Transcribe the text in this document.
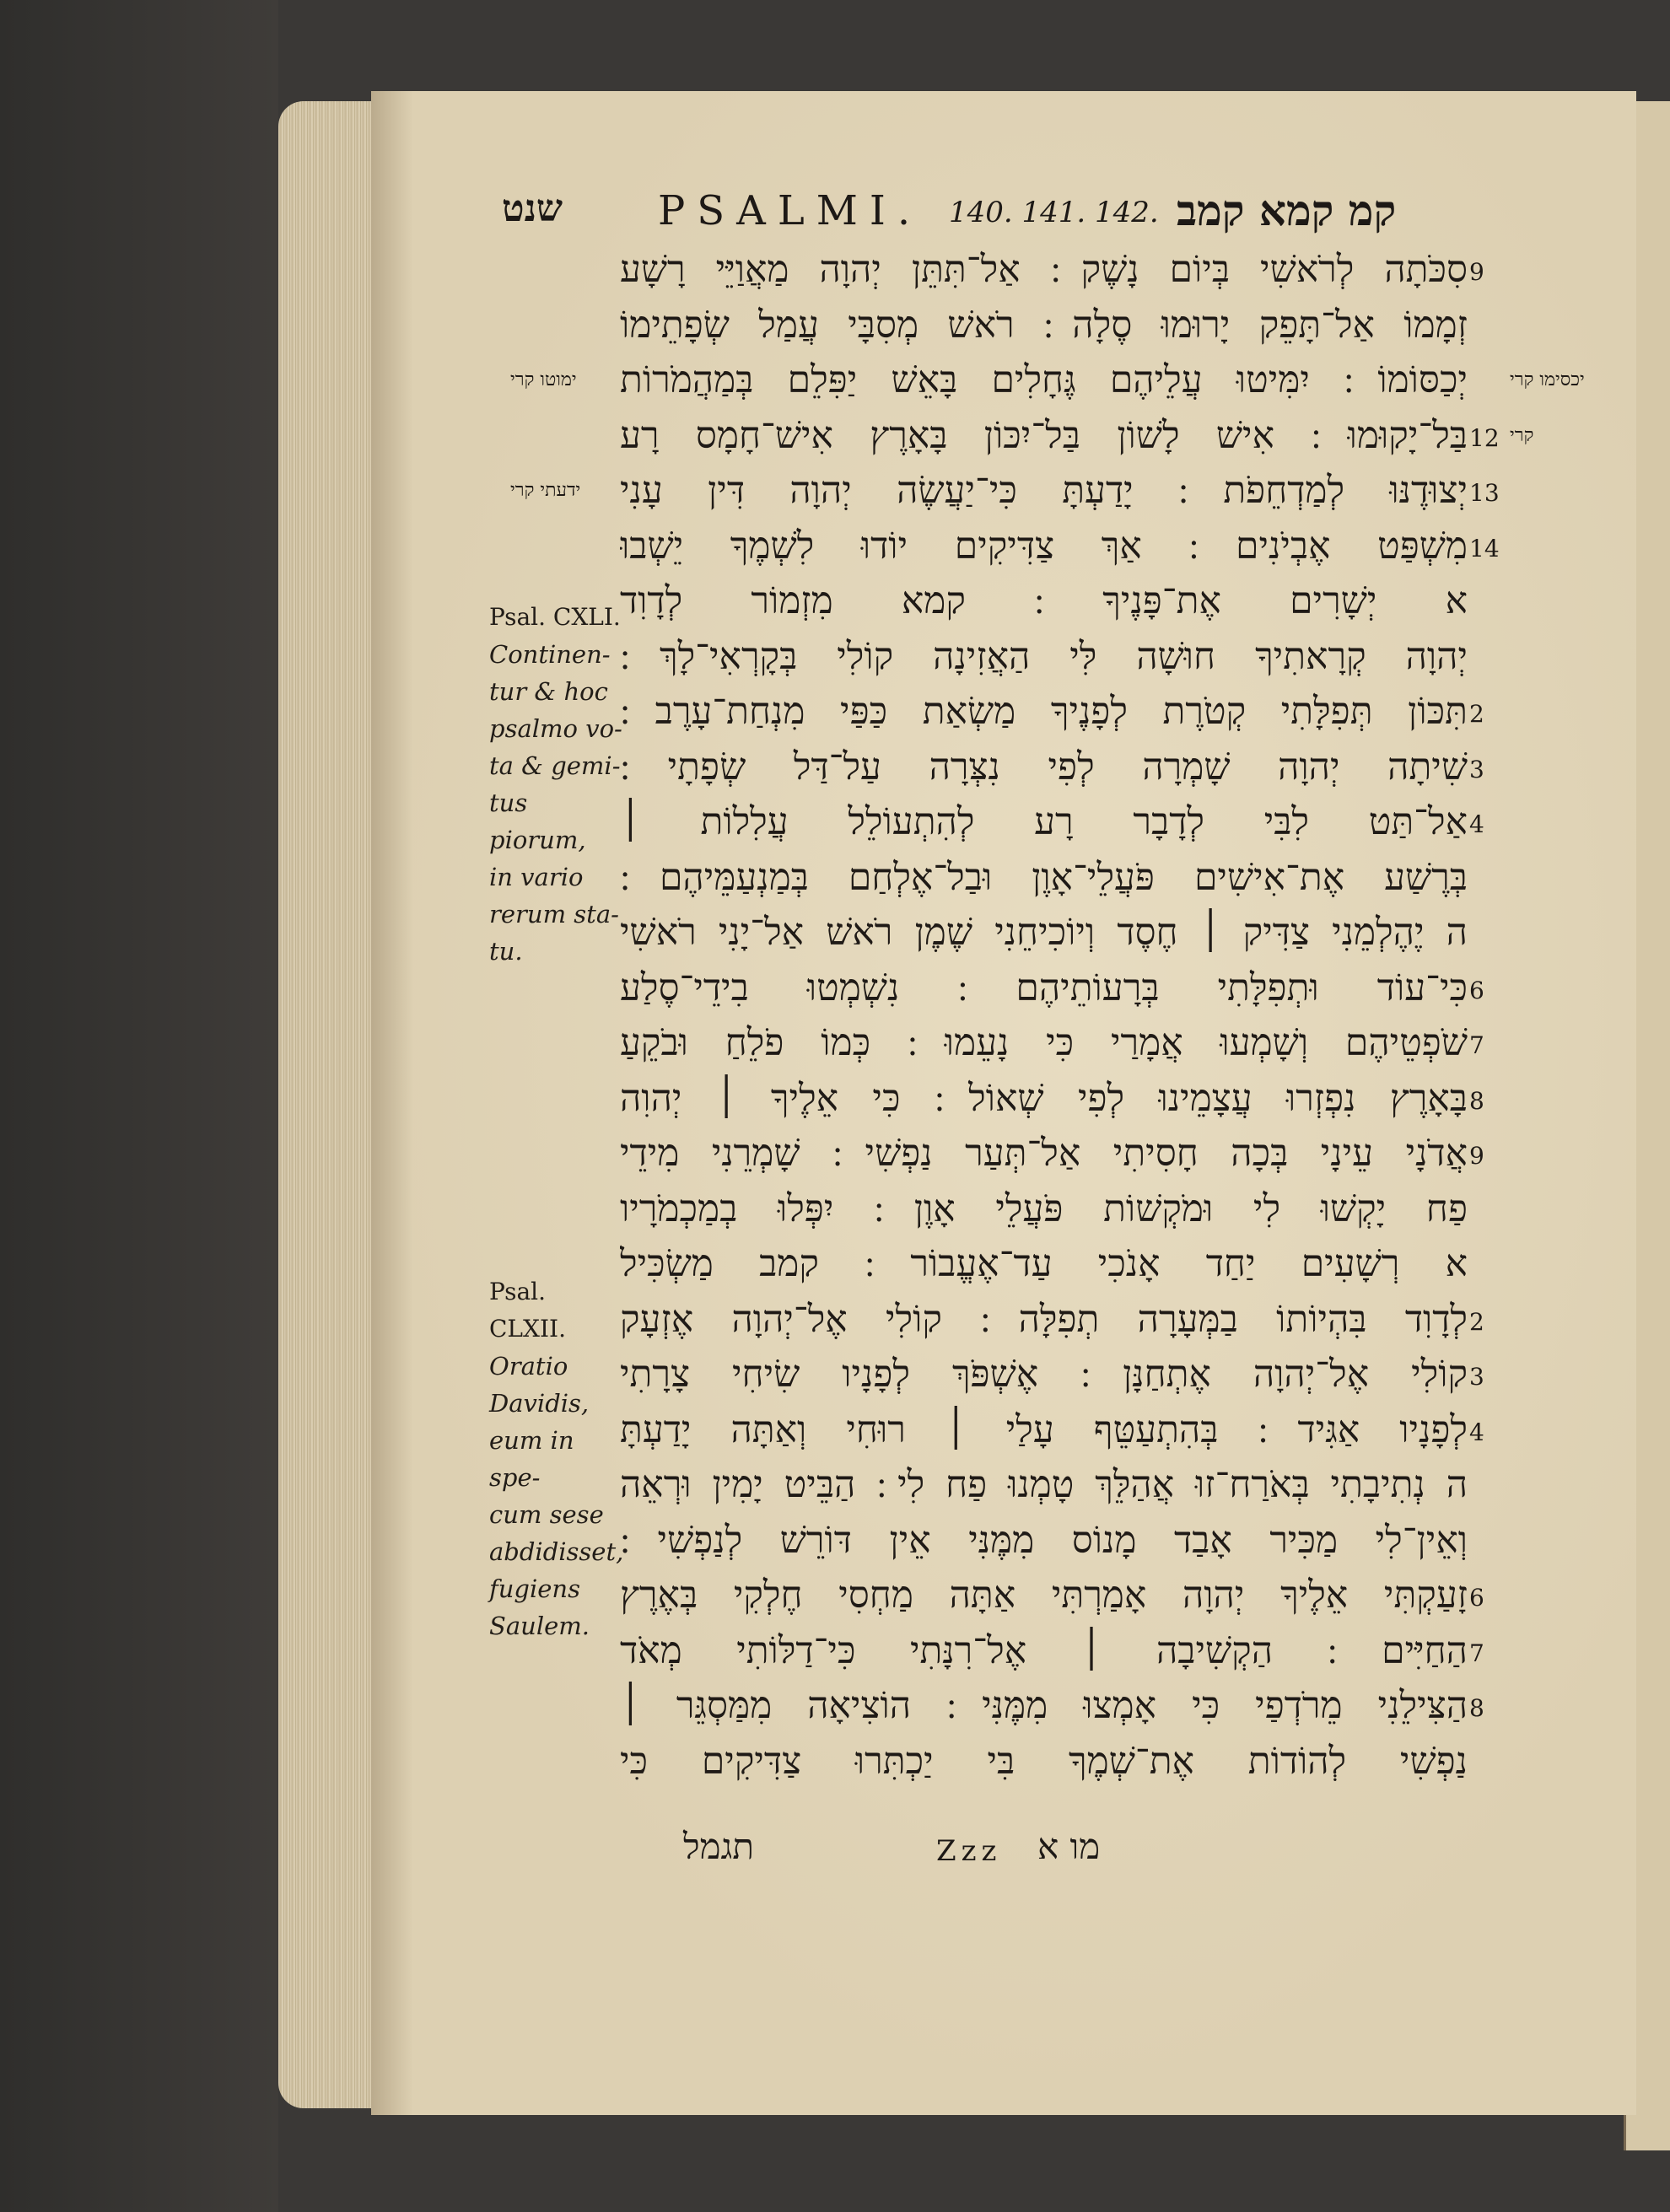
שנט PSALMI. 140. 141. 142. קמ קמא קמב
סִכֹּתָה לְרֹאשִׁי בְּיוֹם נָשֶׁק ׃ אַל־תִּתֵּן יְהוָה מַאֲוַיֵּי רָשָׁע 9
זְמָמוֹ אַל־תָּפֵק יָרוּמוּ סֶלָה ׃ רֹאשׁ מְסִבָּי עֲמַל שְׂפָתֵימוֹ
יְכַסּוֹמוֹ ׃ יִמִּיטוּ עֲלֵיהֶם גֶּחָלִים בָּאֵשׁ יַפִּלֵם בְּמַהֲמֹרוֹת
בַּל־יָקוּמוּ ׃ אִישׁ לָשׁוֹן בַּל־יִכּוֹן בָּאָרֶץ אִישׁ־חָמָס רָע 12
יְצוּדֶנּוּ לְמַדְחֵפֹת ׃ יָדַעְתָּ כִּי־יַעֲשֶׂה יְהוָה דִּין עָנִי 13
מִשְׁפַּט אֶבְיֹנִים ׃ אַךְ צַדִּיקִים יוֹדוּ לִשְׁמֶךָ יֵשְׁבוּ 14
א יְשָׁרִים אֶת־פָּנֶיךָ ׃ קמא מִזְמוֹר לְדָוִד
יְהוָה קְרָאתִיךָ חוּשָׁה לִּי הַאֲזִינָה קוֹלִי בְּקָרְאִי־לָךְ ׃
תִּכּוֹן תְּפִלָּתִי קְטֹרֶת לְפָנֶיךָ מַשְׂאַת כַּפַּי מִנְחַת־עָרֶב ׃ 2
שִׁיתָה יְהוָה שָׁמְרָה לְפִי נִצְּרָה עַל־דַּל שְׂפָתָי ׃ 3
אַל־תַּט לִבִּי לְדָבָר רָע לְהִתְעוֹלֵל עֲלִלוֹת ׀ 4
בְּרֶשַׁע אֶת־אִישִׁים פֹּעֲלֵי־אָוֶן וּבַל־אֶלְחַם בְּמַנְעַמֵּיהֶם ׃
ה יֶהֶלְמֵנִי צַדִּיק ׀ חֶסֶד וְיוֹכִיחֵנִי שֶׁמֶן רֹאשׁ אַל־יָנִי רֹאשִׁי
כִּי־עוֹד וּתְפִלָּתִי בְּרָעוֹתֵיהֶם ׃ נִשְׁמְטוּ בִידֵי־סֶלַע 6
שֹׁפְטֵיהֶם וְשָׁמְעוּ אֲמָרַי כִּי נָעֵמוּ ׃ כְּמוֹ פֹלֵחַ וּבֹקֵעַ 7
בָּאָרֶץ נִפְזְרוּ עֲצָמֵינוּ לְפִי שְׁאוֹל ׃ כִּי אֵלֶיךָ ׀ יְהוִה 8
אֲדֹנָי עֵינָי בְּכָה חָסִיתִי אַל־תְּעַר נַפְשִׁי ׃ שָׁמְרֵנִי מִידֵי 9
פַח יָקְשׁוּ לִי וּמֹקְשׁוֹת פֹּעֲלֵי אָוֶן ׃ יִפְּלוּ בְמַכְמֹרָיו
א רְשָׁעִים יַחַד אָנֹכִי עַד־אֶעֱבוֹר ׃ קמב מַשְׂכִּיל
לְדָוִד בִּהְיוֹתוֹ בַמְּעָרָה תְפִלָּה ׃ קוֹלִי אֶל־יְהוָה אֶזְעָק 2
קוֹלִי אֶל־יְהוָה אֶתְחַנָּן ׃ אֶשְׁפֹּךְ לְפָנָיו שִׂיחִי צָרָתִי 3
לְפָנָיו אַגִּיד ׃ בְּהִתְעַטֵּף עָלַי ׀ רוּחִי וְאַתָּה יָדַעְתָּ 4
ה נְתִיבָתִי בְּאֹרַח־זוּ אֲהַלֵּךְ טָמְנוּ פַח לִי ׃ הַבֵּיט יָמִין וּרְאֵה
וְאֵין־לִי מַכִּיר אָבַד מָנוֹס מִמֶּנִּי אֵין דּוֹרֵשׁ לְנַפְשִׁי ׃
זָעַקְתִּי אֵלֶיךָ יְהוָה אָמַרְתִּי אַתָּה מַחְסִי חֶלְקִי בְּאֶרֶץ 6
הַחַיִּים ׃ הַקְשִׁיבָה ׀ אֶל־רִנָּתִי כִּי־דַלּוֹתִי מְאֹד 7
הַצִּילֵנִי מֵרֹדְפַי כִּי אָמְצוּ מִמֶּנִּי ׃ הוֹצִיאָה מִמַּסְגֵּר ׀ 8
נַפְשִׁי לְהוֹדוֹת אֶת־שְׁמֶךָ בִּי יַכְתִּרוּ צַדִּיקִים כִּי
יכסימו קרי
קרי
ימוטו קרי
ידעתי קרי
Psal. CXLI.
Continen-
tur & hoc
psalmo vo-
ta & gemi-
tus piorum,
in vario
rerum sta-
tu.
Psal. CLXII.
Oratio
Davidis,
eum in spe-
cum sese
abdidisset,
fugiens
Saulem.
תגמל	Zzz מו א
